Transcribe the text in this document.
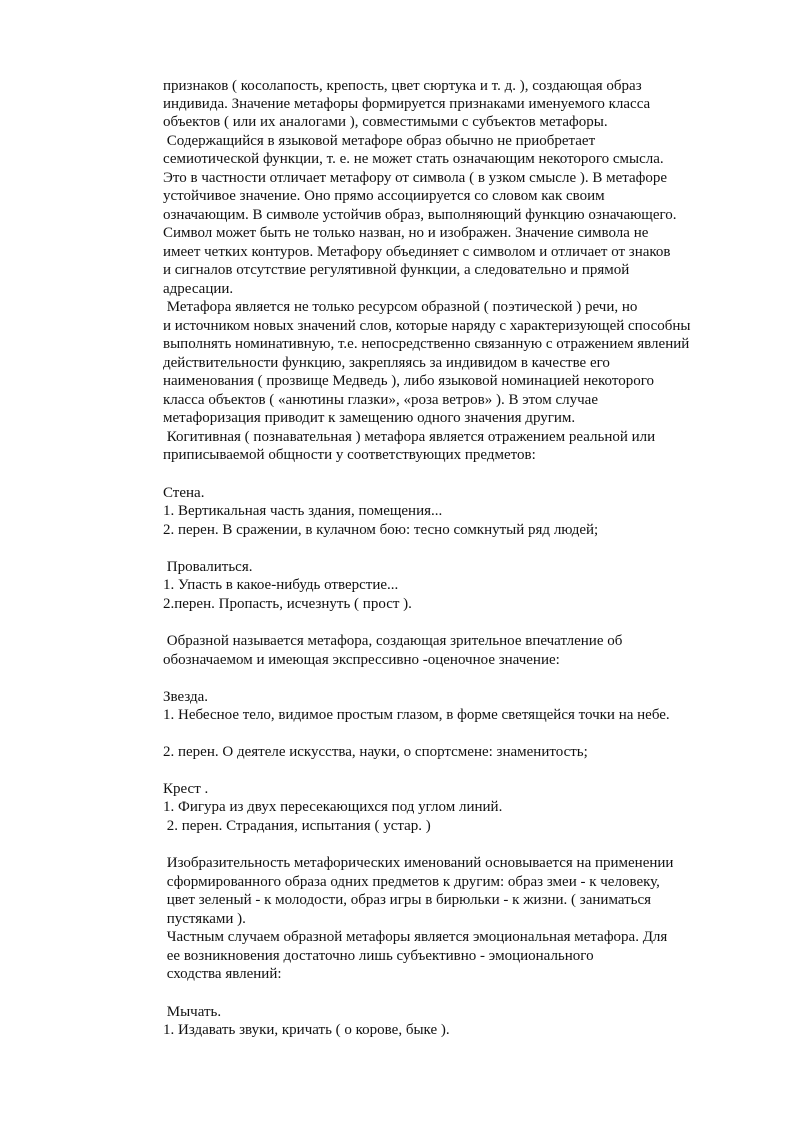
признаков ( косолапость, крепость, цвет сюртука и т. д. ), создающая образ
индивида. Значение метафоры формируется признаками именуемого класса
объектов ( или их аналогами ), совместимыми с субъектов метафоры.
Содержащийся в языковой метафоре образ обычно не приобретает
семиотической функции, т. е. не может стать означающим некоторого смысла.
Это в частности отличает метафору от символа ( в узком смысле ). В метафоре
устойчивое значение. Оно прямо ассоциируется со словом как своим
означающим. В символе устойчив образ, выполняющий функцию означающего.
Символ может быть не только назван, но и изображен. Значение символа не
имеет четких контуров. Метафору объединяет с символом и отличает от знаков
и сигналов отсутствие регулятивной функции, а следовательно и прямой
адресации.
Метафора является не только ресурсом образной ( поэтической ) речи, но
и источником новых значений слов, которые наряду с характеризующей способны
выполнять номинативную, т.е. непосредственно связанную с отражением явлений
действительности функцию, закрепляясь за индивидом в качестве его
наименования ( прозвище Медведь ), либо языковой номинацией некоторого
класса объектов ( «анютины глазки», «роза ветров» ). В этом случае
метафоризация приводит к замещению одного значения другим.
Когитивная ( познавательная ) метафора является отражением реальной или
приписываемой общности у соответствующих предметов:
Стена.
1. Вертикальная часть здания, помещения...
2. перен. В сражении, в кулачном бою: тесно сомкнутый ряд людей;
Провалиться.
1. Упасть в какое-нибудь отверстие...
2.перен. Пропасть, исчезнуть ( прост ).
Образной называется метафора, создающая зрительное впечатление об
обозначаемом и имеющая экспрессивно -оценочное значение:
Звезда.
1. Небесное тело, видимое простым глазом, в форме светящейся точки на небе.
2. перен. О деятеле искусства, науки, о спортсмене: знаменитость;
Крест .
1. Фигура из двух пересекающихся под углом линий.
2. перен. Страдания, испытания ( устар. )
Изобразительность метафорических именований основывается на применении
сформированного образа одних предметов к другим: образ змеи - к человеку,
цвет зеленый - к молодости, образ игры в бирюльки - к жизни. ( заниматься
пустяками ).
Частным случаем образной метафоры является эмоциональная метафора. Для
ее возникновения достаточно лишь субъективно - эмоционального
сходства явлений:
Мычать.
1. Издавать звуки, кричать ( о корове, быке ).
